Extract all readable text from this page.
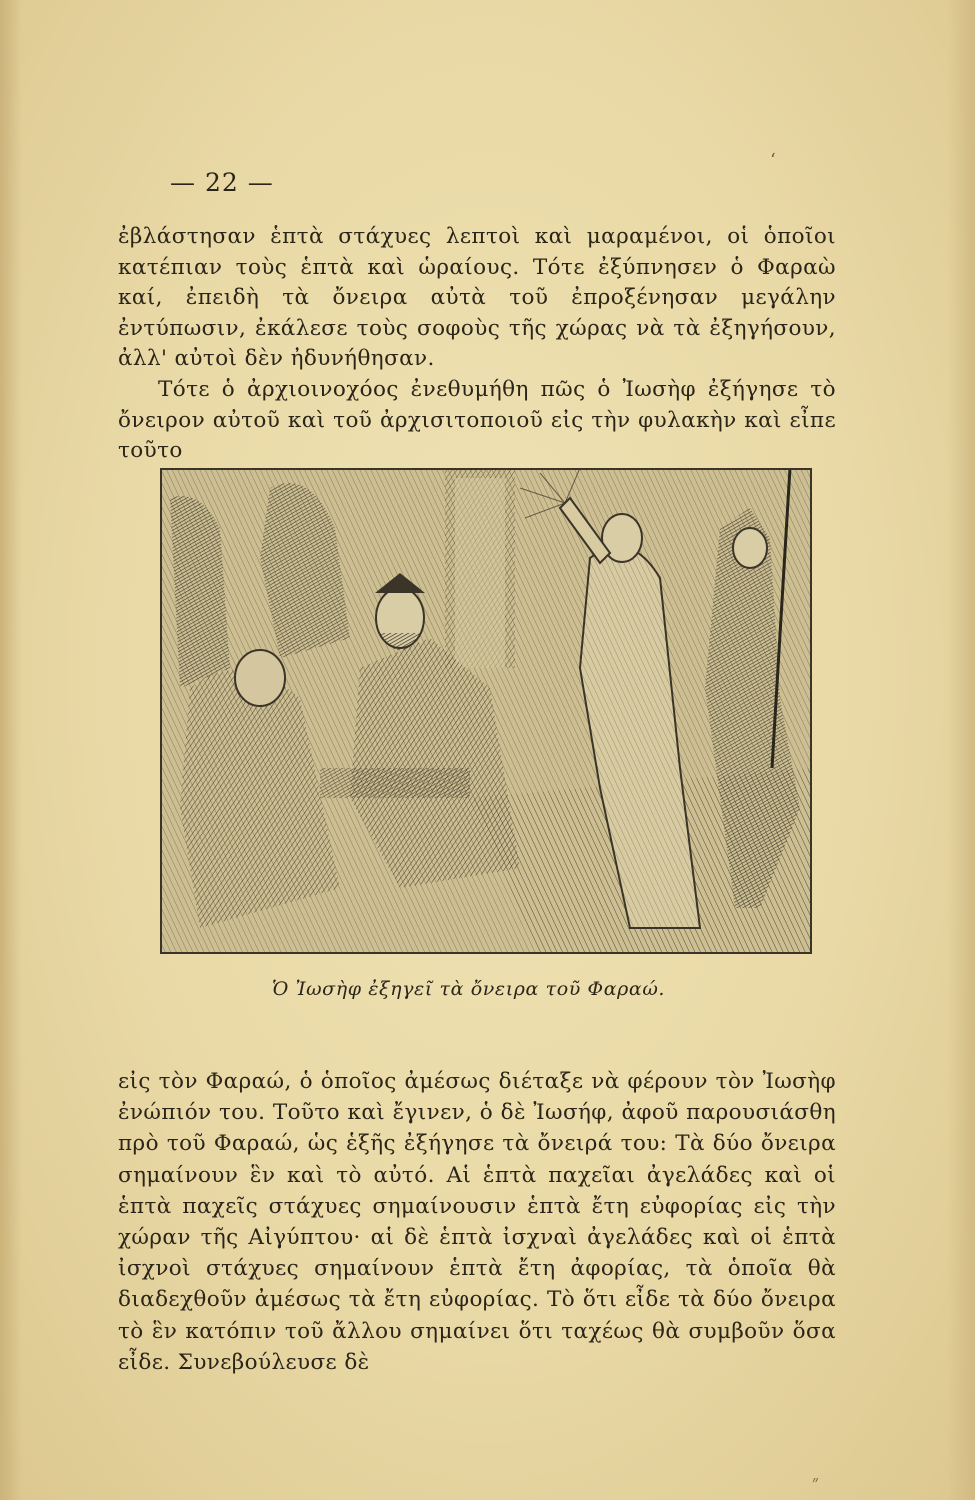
— 22 —

ἐβλάστησαν ἑπτὰ στάχυες λεπτοὶ καὶ μαραμένοι, οἱ ὁποῖοι κατέπιαν τοὺς ἑπτὰ καὶ ὡραίους. Τότε ἐξύπνησεν ὁ Φαραὼ καί, ἐπειδὴ τὰ ὄνειρα αὐτὰ τοῦ ἐπροξένησαν μεγάλην ἐντύπωσιν, ἐκάλεσε τοὺς σοφοὺς τῆς χώρας νὰ τὰ ἐξηγήσουν, ἀλλ' αὐτοὶ δὲν ἠδυνήθησαν.

Τότε ὁ ἀρχιοινοχόος ἐνεθυμήθη πῶς ὁ Ἰωσὴφ ἐξήγησε τὸ ὄνειρον αὐτοῦ καὶ τοῦ ἀρχισιτοποιοῦ εἰς τὴν φυλακὴν καὶ εἶπε τοῦτο

Ὁ Ἰωσὴφ ἐξηγεῖ τὰ ὄνειρα τοῦ Φαραώ.

εἰς τὸν Φαραώ, ὁ ὁποῖος ἀμέσως διέταξε νὰ φέρουν τὸν Ἰωσὴφ ἐνώπιόν του. Τοῦτο καὶ ἔγινεν, ὁ δὲ Ἰωσήφ, ἀφοῦ παρουσιάσθη πρὸ τοῦ Φαραώ, ὡς ἑξῆς ἐξήγησε τὰ ὄνειρά του: Τὰ δύο ὄνειρα σημαίνουν ἓν καὶ τὸ αὐτό. Αἱ ἑπτὰ παχεῖαι ἀγελάδες καὶ οἱ ἑπτὰ παχεῖς στάχυες σημαίνουσιν ἑπτὰ ἔτη εὐφορίας εἰς τὴν χώραν τῆς Αἰγύπτου· αἱ δὲ ἑπτὰ ἰσχναὶ ἀγελάδες καὶ οἱ ἑπτὰ ἰσχνοὶ στάχυες σημαίνουν ἑπτὰ ἔτη ἀφορίας, τὰ ὁποῖα θὰ διαδεχθοῦν ἀμέσως τὰ ἔτη εὐφορίας. Τὸ ὅτι εἶδε τὰ δύο ὄνειρα τὸ ἓν κατόπιν τοῦ ἄλλου σημαίνει ὅτι ταχέως θὰ συμβοῦν ὅσα εἶδε. Συνεβούλευσε δὲ

ʻ
״
